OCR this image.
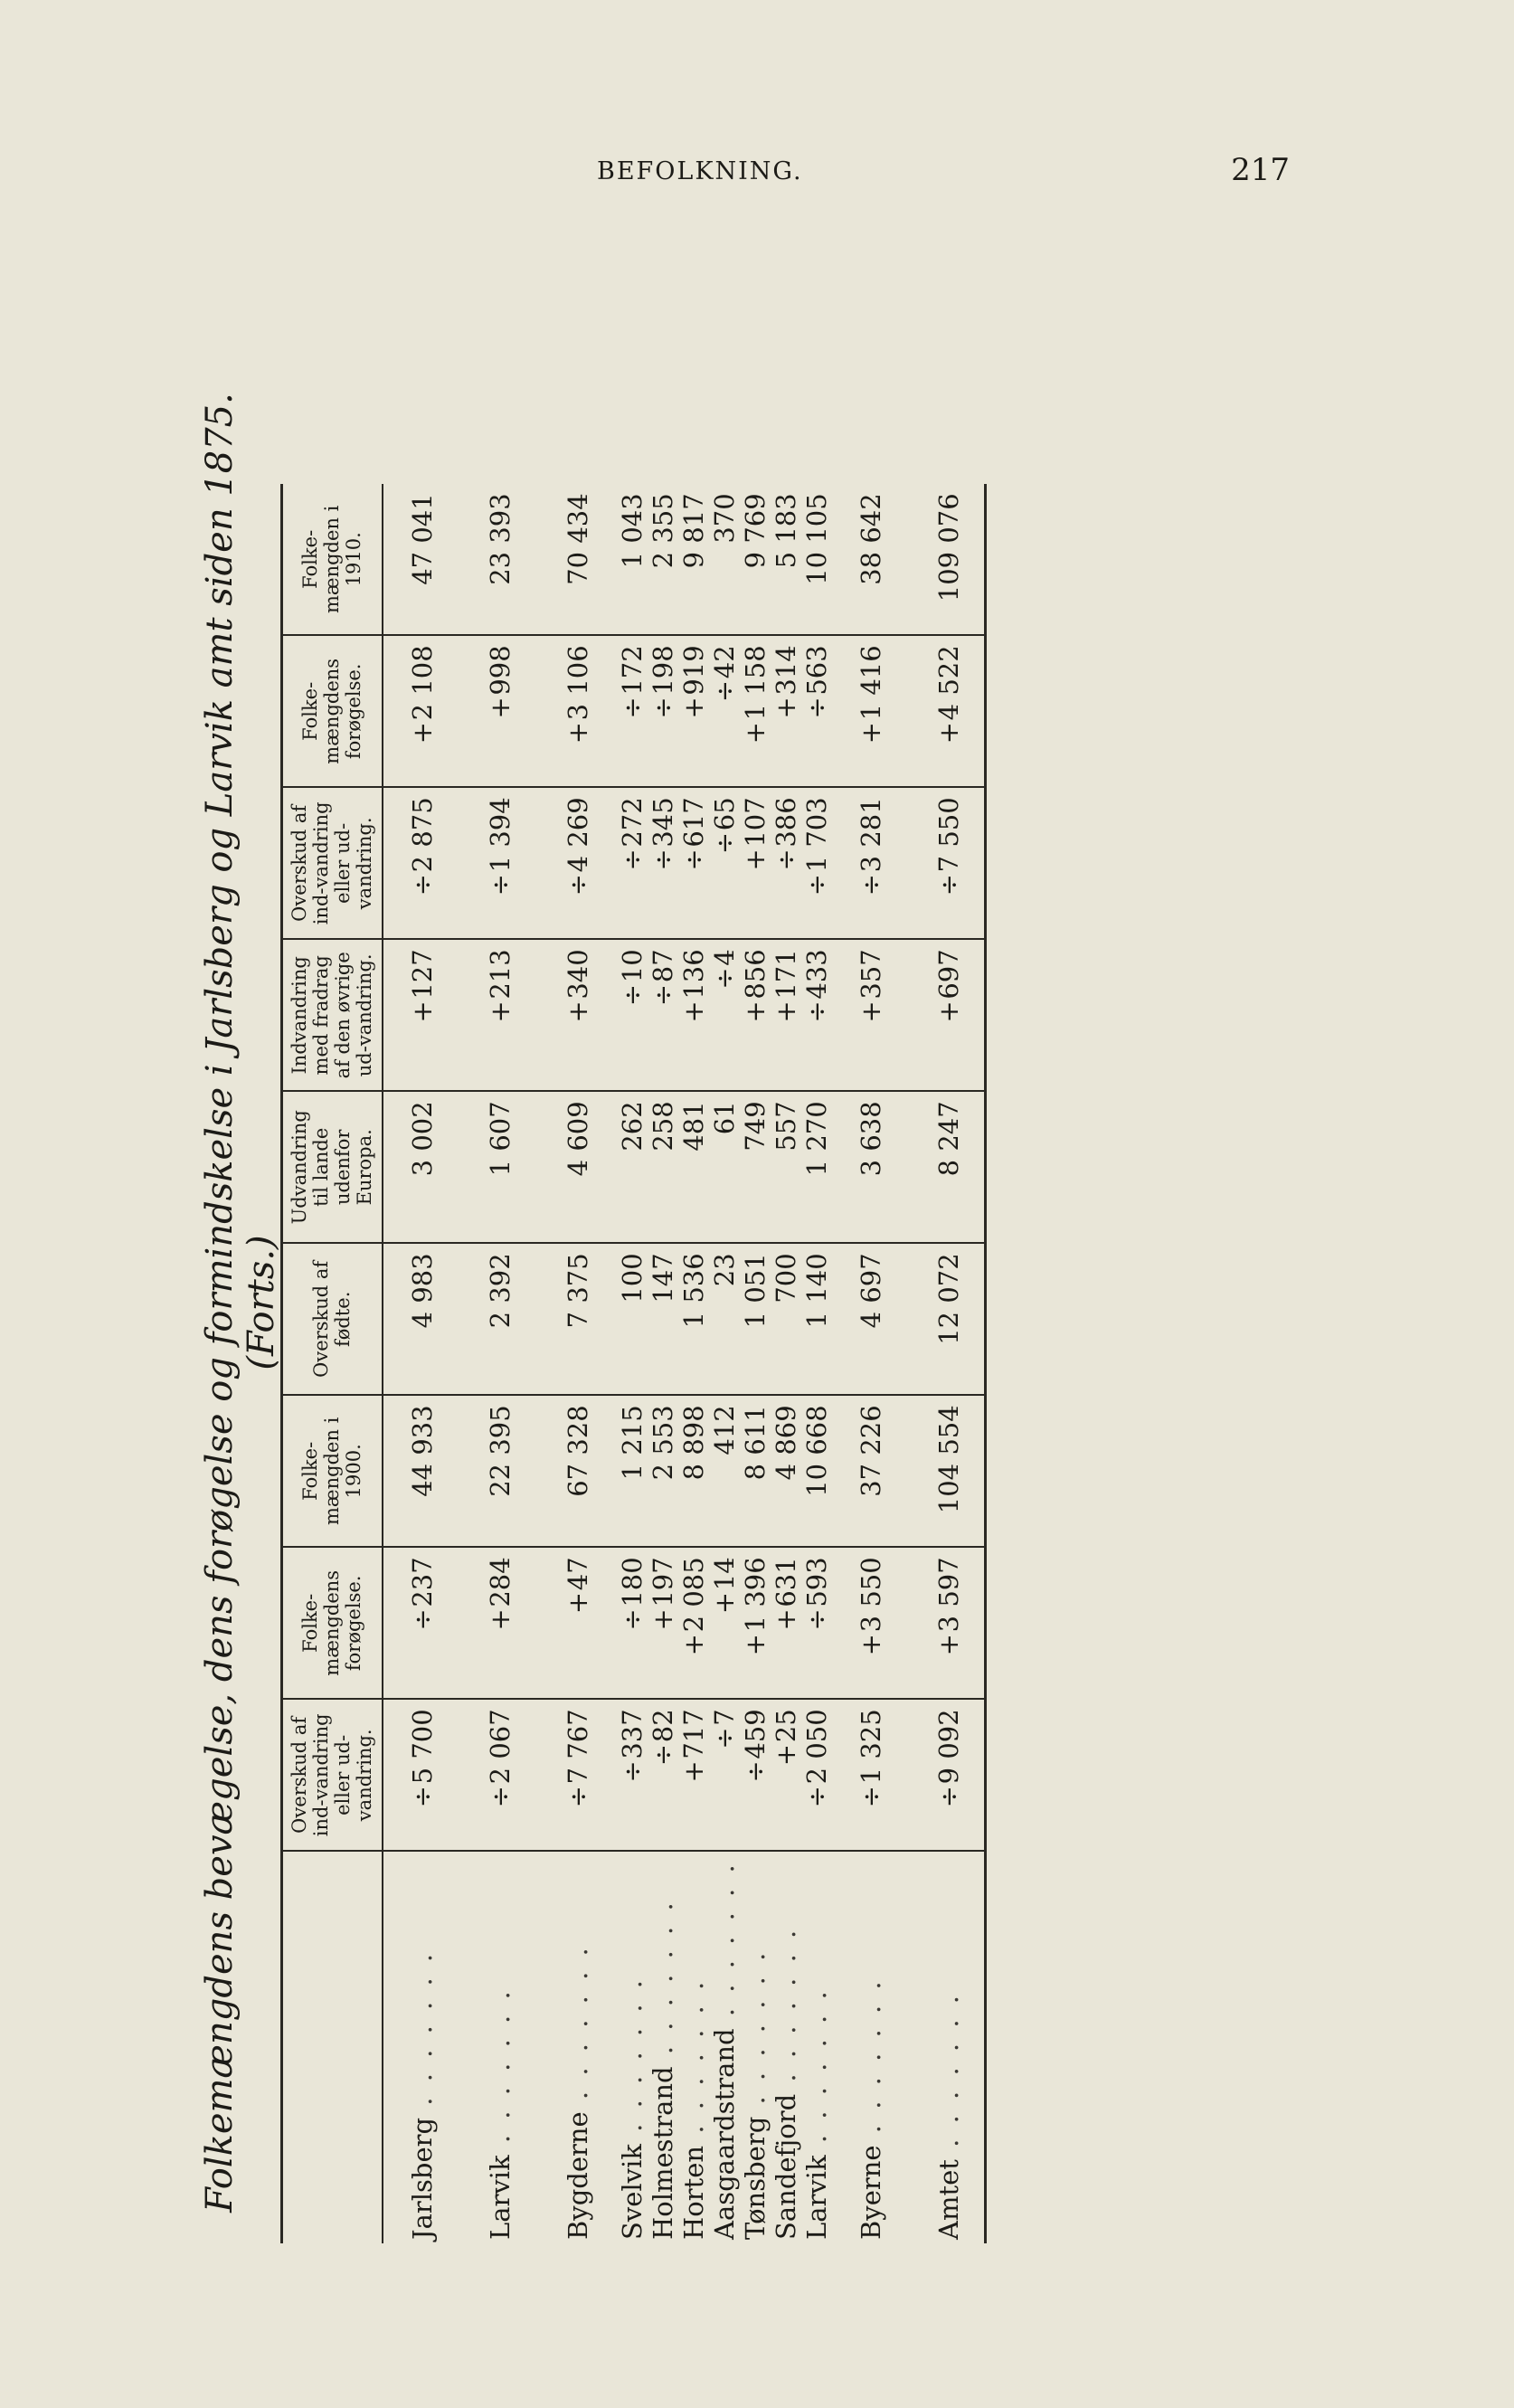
BEFOLKNING.	217
Folkemængdens bevægelse, dens forøgelse og formindskelse i Jarlsberg og Larvik amt siden 1875. (Forts.)
	Overskud af ind-vandring eller ud-vandring.	Folke-mængdens forøgelse.	Folke-mængden i 1900.	Overskud af fødte.	Udvandring til lande udenfor Europa.	Indvandring med fradrag af den øvrige ud-vandring.	Overskud af ind-vandring eller ud-vandring.	Folke-mængdens forøgelse.	Folke-mængden i 1910.
Jarlsberg . . . . . . .	÷5 700	÷237	44 933	4 983	3 002	+127	÷2 875	+2 108	47 041
Larvik . . . . . . .	÷2 067	+284	22 395	2 392	1 607	+213	÷1 394	+998	23 393
Bygderne . . . . . . .	÷7 767	+47	67 328	7 375	4 609	+340	÷4 269	+3 106	70 434
Svelvik . . . . . . .	÷337	÷180	1 215	100	262	÷10	÷272	÷172	1 043
Holmestrand . . . . . . .	÷82	+197	2 553	147	258	÷87	÷345	÷198	2 355
Horten . . . . . . .	+717	+2 085	8 898	1 536	481	+136	÷617	+919	9 817
Aasgaardstrand . . . . . . .	÷7	+14	412	23	61	÷4	÷65	÷42	370
Tønsberg . . . . . . .	÷459	+1 396	8 611	1 051	749	+856	+107	+1 158	9 769
Sandefjord . . . . . . .	+25	+631	4 869	700	557	+171	÷386	+314	5 183
Larvik . . . . . . .	÷2 050	÷593	10 668	1 140	1 270	÷433	÷1 703	÷563	10 105
Byerne . . . . . . .	÷1 325	+3 550	37 226	4 697	3 638	+357	÷3 281	+1 416	38 642
Amtet . . . . . . .	÷9 092	+3 597	104 554	12 072	8 247	+697	÷7 550	+4 522	109 076
